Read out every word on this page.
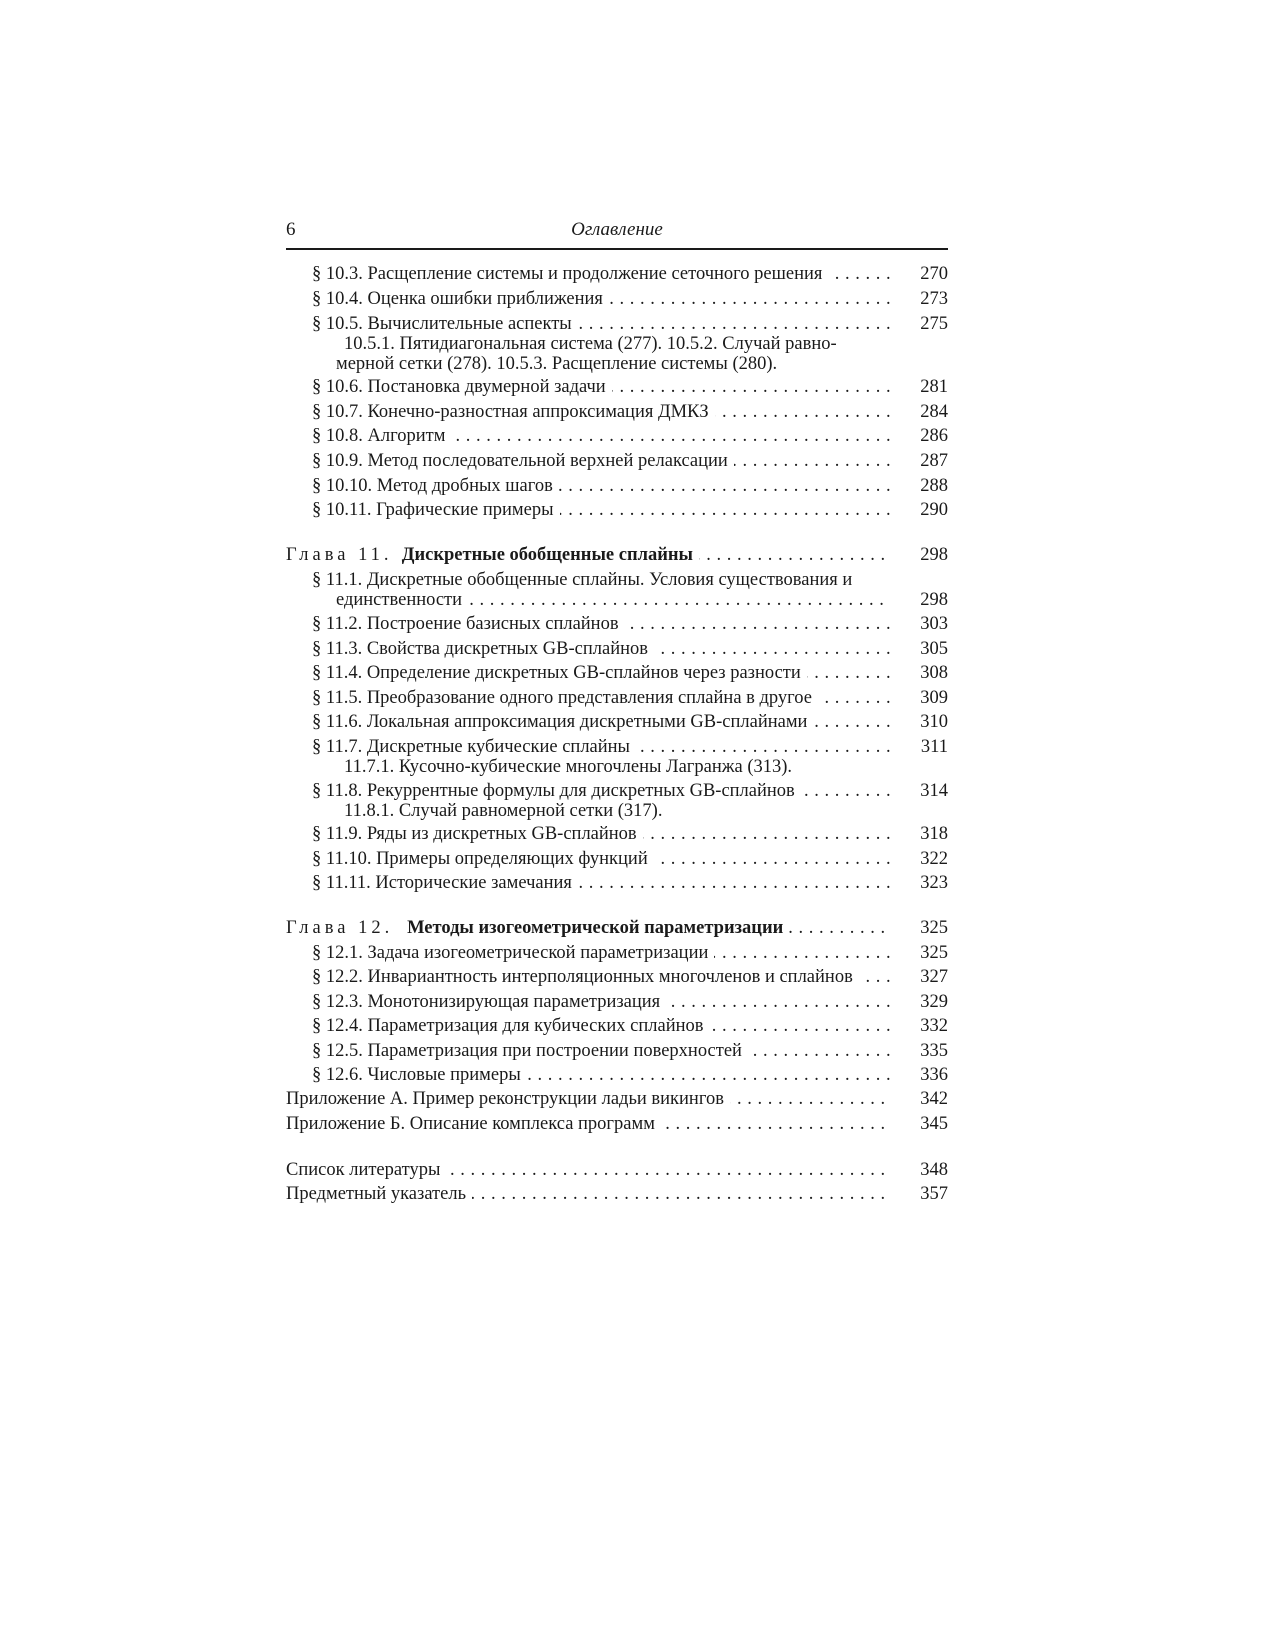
6	Оглавление
§ 10.3. Расщепление системы и продолжение сеточного решения . . .	270
§ 10.4. Оценка ошибки приближения . . .	273
§ 10.5. Вычислительные аспекты . . .	275
10.5.1. Пятидиагональная система (277). 10.5.2. Случай равно-
мерной сетки (278). 10.5.3. Расщепление системы (280).
§ 10.6. Постановка двумерной задачи . . .	281
§ 10.7. Конечно-разностная аппроксимация ДМКЗ . . .	284
§ 10.8. Алгоритм . . .	286
§ 10.9. Метод последовательной верхней релаксации . . .	287
§ 10.10. Метод дробных шагов . . .	288
§ 10.11. Графические примеры . . .	290
Глава 11. Дискретные обобщенные сплайны . . .	298
§ 11.1. Дискретные обобщенные сплайны. Условия существования и
единственности . . .	298
§ 11.2. Построение базисных сплайнов . . .	303
§ 11.3. Свойства дискретных GB-сплайнов . . .	305
§ 11.4. Определение дискретных GB-сплайнов через разности . . .	308
§ 11.5. Преобразование одного представления сплайна в другое . . .	309
§ 11.6. Локальная аппроксимация дискретными GB-сплайнами . . .	310
§ 11.7. Дискретные кубические сплайны . . .	311
11.7.1. Кусочно-кубические многочлены Лагранжа (313).
§ 11.8. Рекуррентные формулы для дискретных GB-сплайнов . . .	314
11.8.1. Случай равномерной сетки (317).
§ 11.9. Ряды из дискретных GB-сплайнов . . .	318
§ 11.10. Примеры определяющих функций . . .	322
§ 11.11. Исторические замечания . . .	323
Глава 12. Методы изогеометрической параметризации . . .	325
§ 12.1. Задача изогеометрической параметризации . . .	325
§ 12.2. Инвариантность интерполяционных многочленов и сплайнов . . .	327
§ 12.3. Монотонизирующая параметризация . . .	329
§ 12.4. Параметризация для кубических сплайнов . . .	332
§ 12.5. Параметризация при построении поверхностей . . .	335
§ 12.6. Числовые примеры . . .	336
Приложение А. Пример реконструкции ладьи викингов . . .	342
Приложение Б. Описание комплекса программ . . .	345
Список литературы . . .	348
Предметный указатель . . .	357
